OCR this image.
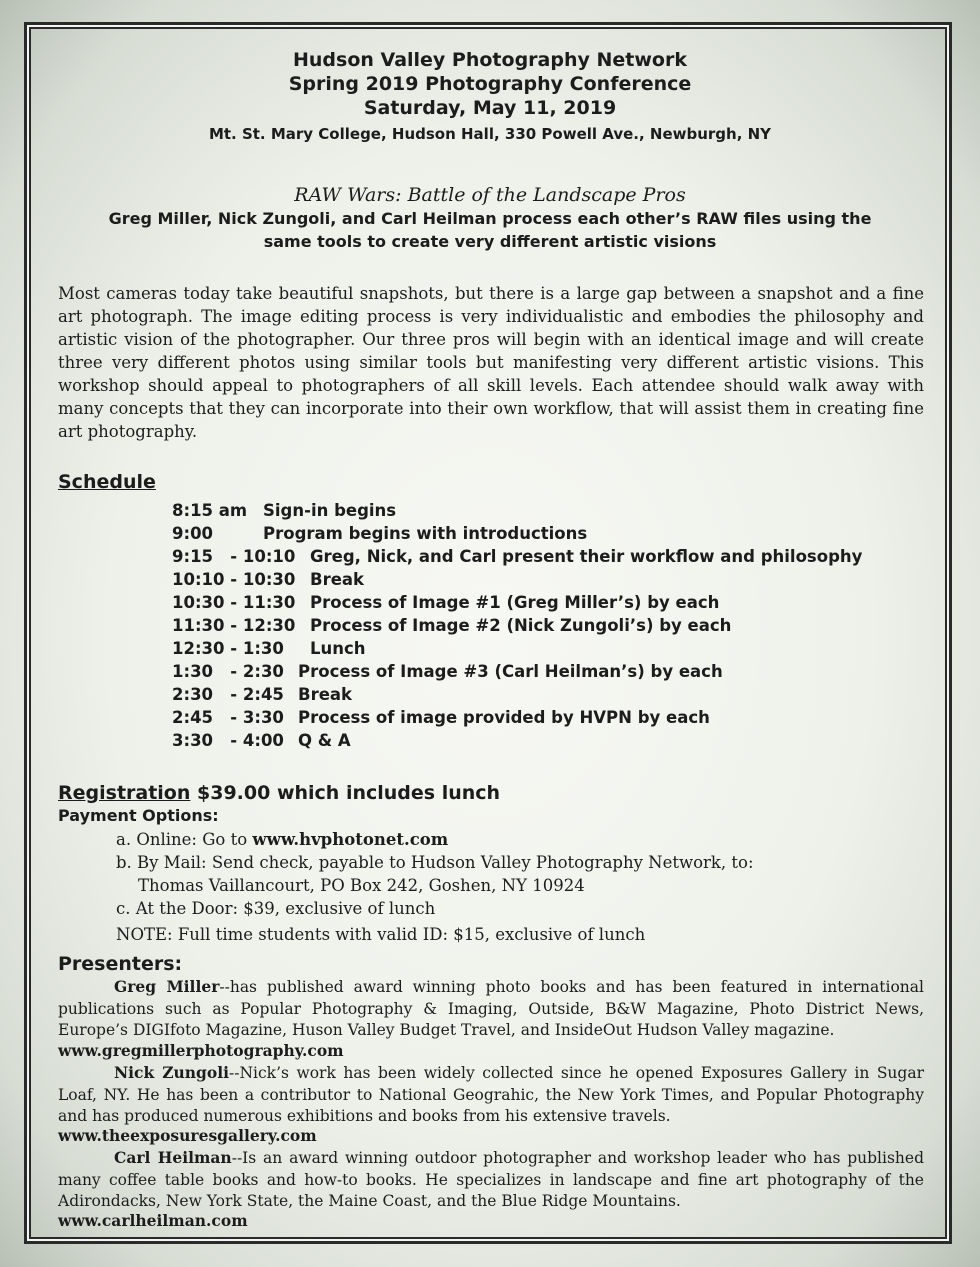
Hudson Valley Photography Network
Spring 2019 Photography Conference
Saturday, May 11, 2019
Mt. St. Mary College, Hudson Hall, 330 Powell Ave., Newburgh, NY
RAW Wars: Battle of the Landscape Pros
Greg Miller, Nick Zungoli, and Carl Heilman process each other’s RAW files using the
same tools to create very different artistic visions
Most cameras today take beautiful snapshots, but there is a large gap between a snapshot and a fine art photograph. The image editing process is very individualistic and embodies the philosophy and artistic vision of the photographer. Our three pros will begin with an identical image and will create three very different photos using similar tools but manifesting very different artistic visions. This workshop should appeal to photographers of all skill levels. Each attendee should walk away with many concepts that they can incorporate into their own workflow, that will assist them in creating fine art photography.
Schedule
8:15 am Sign-in begins
9:00	Program begins with introductions
9:15   - 10:10 Greg, Nick, and Carl present their workflow and philosophy
10:10 - 10:30 Break
10:30 - 11:30 Process of Image #1 (Greg Miller’s) by each
11:30 - 12:30 Process of Image #2 (Nick Zungoli’s) by each
12:30 - 1:30 Lunch
1:30   - 2:30 Process of Image #3 (Carl Heilman’s) by each
2:30   - 2:45 Break
2:45   - 3:30 Process of image provided by HVPN by each
3:30   - 4:00 Q & A
Registration $39.00 which includes lunch
Payment Options:
a. Online: Go to www.hvphotonet.com
b. By Mail: Send check, payable to Hudson Valley Photography Network, to:
Thomas Vaillancourt, PO Box 242, Goshen, NY 10924
c. At the Door: $39, exclusive of lunch
NOTE: Full time students with valid ID: $15, exclusive of lunch
Presenters:
Greg Miller--has published award winning photo books and has been featured in international publications such as Popular Photography & Imaging, Outside, B&W Magazine, Photo District News, Europe’s DIGIfoto Magazine, Huson Valley Budget Travel, and InsideOut Hudson Valley magazine.
www.gregmillerphotography.com
Nick Zungoli--Nick’s work has been widely collected since he opened Exposures Gallery in Sugar Loaf, NY. He has been a contributor to National Geograhic, the New York Times, and Popular Photography and has produced numerous exhibitions and books from his extensive travels.
www.theexposuresgallery.com
Carl Heilman--Is an award winning outdoor photographer and workshop leader who has published many coffee table books and how-to books. He specializes in landscape and fine art photography of the Adirondacks, New York State, the Maine Coast, and the Blue Ridge Mountains.
www.carlheilman.com
